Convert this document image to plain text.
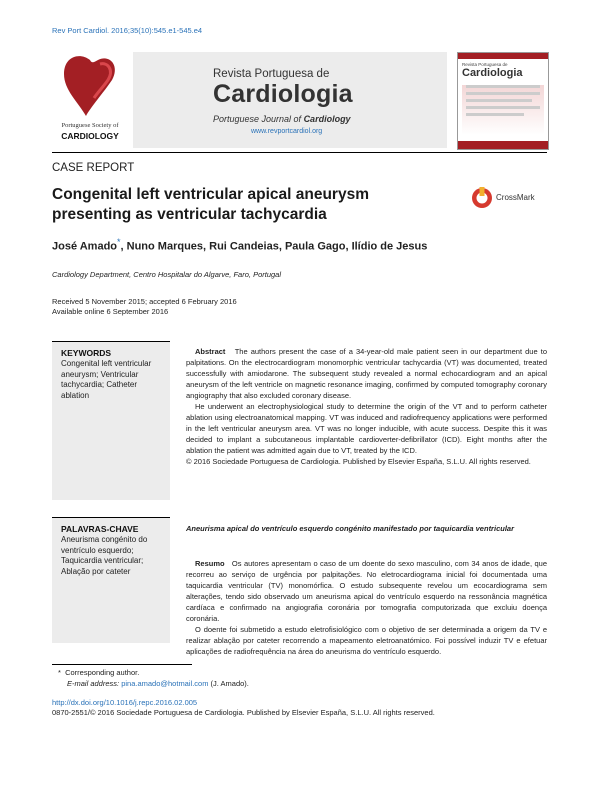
Rev Port Cardiol. 2016;35(10):545.e1-545.e4
Portuguese Society of
CARDIOLOGY
Revista Portuguesa de
Cardiologia
Portuguese Journal of Cardiology
www.revportcardiol.org
Revista Portuguesa de
Cardiologia
CASE REPORT
Congenital left ventricular apical aneurysm presenting as ventricular tachycardia
CrossMark
José Amado*, Nuno Marques, Rui Candeias, Paula Gago, Ilídio de Jesus
Cardiology Department, Centro Hospitalar do Algarve, Faro, Portugal
Received 5 November 2015; accepted 6 February 2016
Available online 6 September 2016
KEYWORDS
Congenital left ventricular aneurysm; Ventricular tachycardia; Catheter ablation
Abstract The authors present the case of a 34-year-old male patient seen in our department due to palpitations. On the electrocardiogram monomorphic ventricular tachycardia (VT) was documented, treated successfully with amiodarone. The subsequent study revealed a normal echocardiogram and an apical aneurysm of the left ventricle on magnetic resonance imaging, confirmed by computed tomography coronary angiography that also excluded coronary disease.
He underwent an electrophysiological study to determine the origin of the VT and to perform catheter ablation using electroanatomical mapping. VT was induced and radiofrequency applications were performed in the left ventricular aneurysm area. VT was no longer inducible, with acute success. Despite this it was decided to implant a subcutaneous implantable cardioverter-defibrillator (ICD). Eight months after the ablation the patient was admitted again due to VT, treated by the ICD.
© 2016 Sociedade Portuguesa de Cardiologia. Published by Elsevier España, S.L.U. All rights reserved.
PALAVRAS-CHAVE
Aneurisma congénito do ventrículo esquerdo; Taquicardia ventricular; Ablação por cateter
Aneurisma apical do ventrículo esquerdo congénito manifestado por taquicardia ventricular
Resumo Os autores apresentam o caso de um doente do sexo masculino, com 34 anos de idade, que recorreu ao serviço de urgência por palpitações. No eletrocardiograma inicial foi documentada uma taquicardia ventricular (TV) monomórfica. O estudo subsequente revelou um ecocardiograma sem alterações, tendo sido observado um aneurisma apical do ventrículo esquerdo na ressonância magnética cardíaca e confirmado na angiografia coronária por tomografia computorizada que excluiu doença coronária.
O doente foi submetido a estudo eletrofisiológico com o objetivo de ser determinada a origem da TV e realizar ablação por cateter recorrendo a mapeamento eletroanatómico. Foi possível induzir TV e efetuar aplicações de radiofrequência na área do aneurisma do ventrículo esquerdo.
* Corresponding author.
E-mail address: pina.amado@hotmail.com (J. Amado).
http://dx.doi.org/10.1016/j.repc.2016.02.005
0870-2551/© 2016 Sociedade Portuguesa de Cardiologia. Published by Elsevier España, S.L.U. All rights reserved.
